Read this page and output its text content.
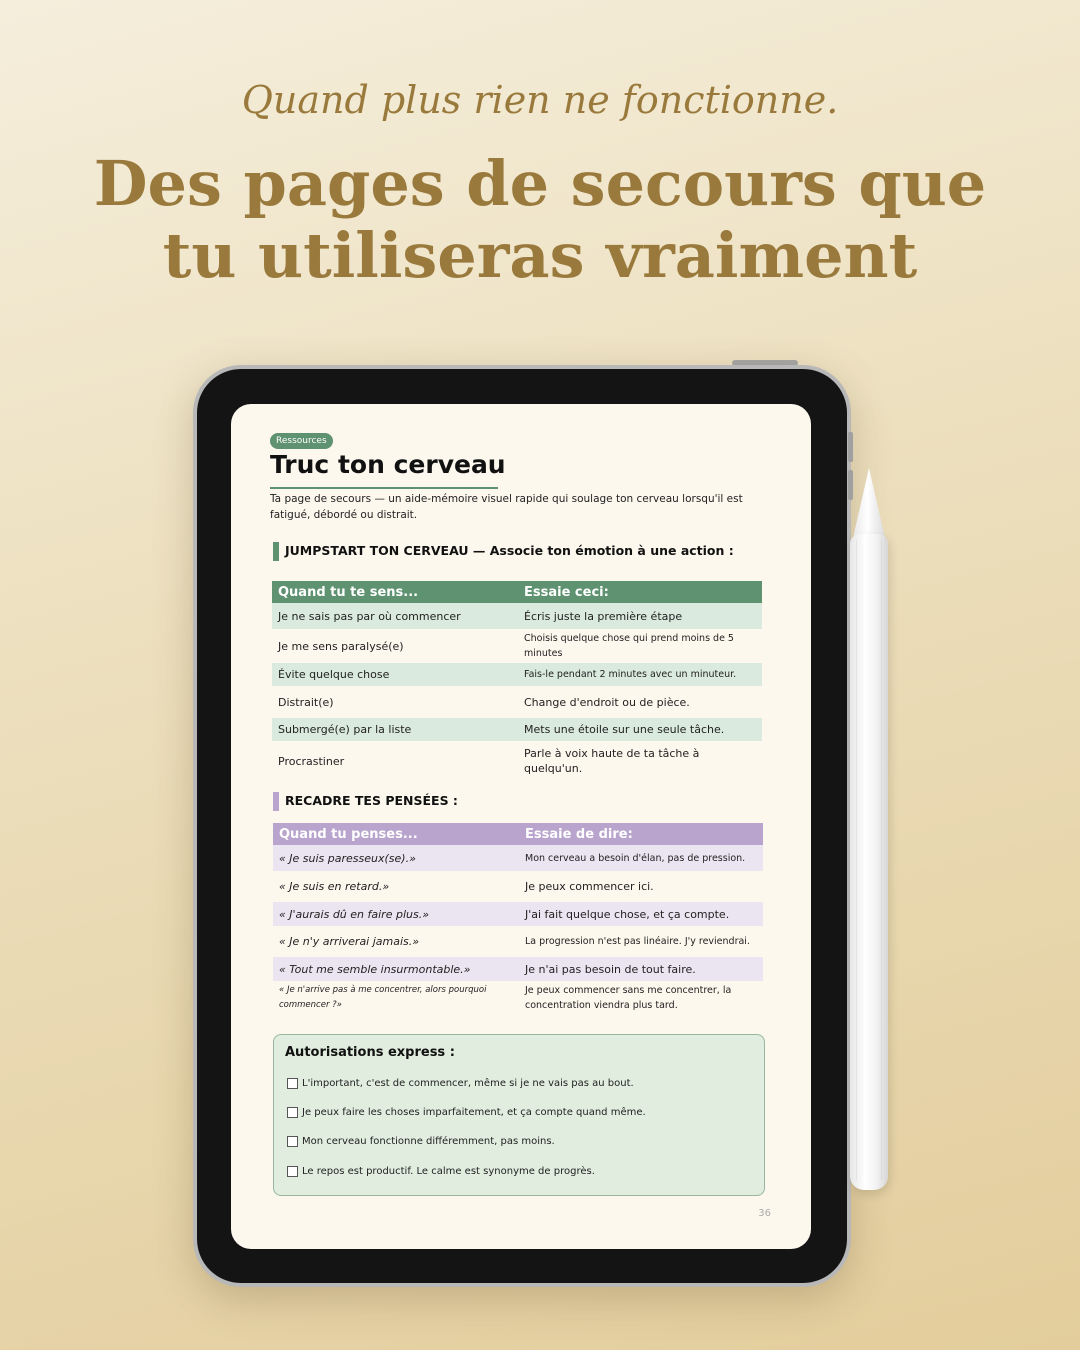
Quand plus rien ne fonctionne.
Des pages de secours que
tu utiliseras vraiment
Ressources
Truc ton cerveau
Ta page de secours — un aide-mémoire visuel rapide qui soulage ton cerveau lorsqu'il est fatigué, débordé ou distrait.
JUMPSTART TON CERVEAU — Associe ton émotion à une action :
Quand tu te sens...	Essaie ceci:
Je ne sais pas par où commencer	Écris juste la première étape
Je me sens paralysé(e)	Choisis quelque chose qui prend moins de 5 minutes
Évite quelque chose	Fais-le pendant 2 minutes avec un minuteur.
Distrait(e)	Change d'endroit ou de pièce.
Submergé(e) par la liste	Mets une étoile sur une seule tâche.
Procrastiner	Parle à voix haute de ta tâche à quelqu'un.
RECADRE TES PENSÉES :
Quand tu penses...	Essaie de dire:
« Je suis paresseux(se).»	Mon cerveau a besoin d'élan, pas de pression.
« Je suis en retard.»	Je peux commencer ici.
« J'aurais dû en faire plus.»	J'ai fait quelque chose, et ça compte.
« Je n'y arriverai jamais.»	La progression n'est pas linéaire. J'y reviendrai.
« Tout me semble insurmontable.»	Je n'ai pas besoin de tout faire.
« Je n'arrive pas à me concentrer, alors pourquoi commencer ?»	Je peux commencer sans me concentrer, la concentration viendra plus tard.
Autorisations express :
L'important, c'est de commencer, même si je ne vais pas au bout.
Je peux faire les choses imparfaitement, et ça compte quand même.
Mon cerveau fonctionne différemment, pas moins.
Le repos est productif. Le calme est synonyme de progrès.
36
